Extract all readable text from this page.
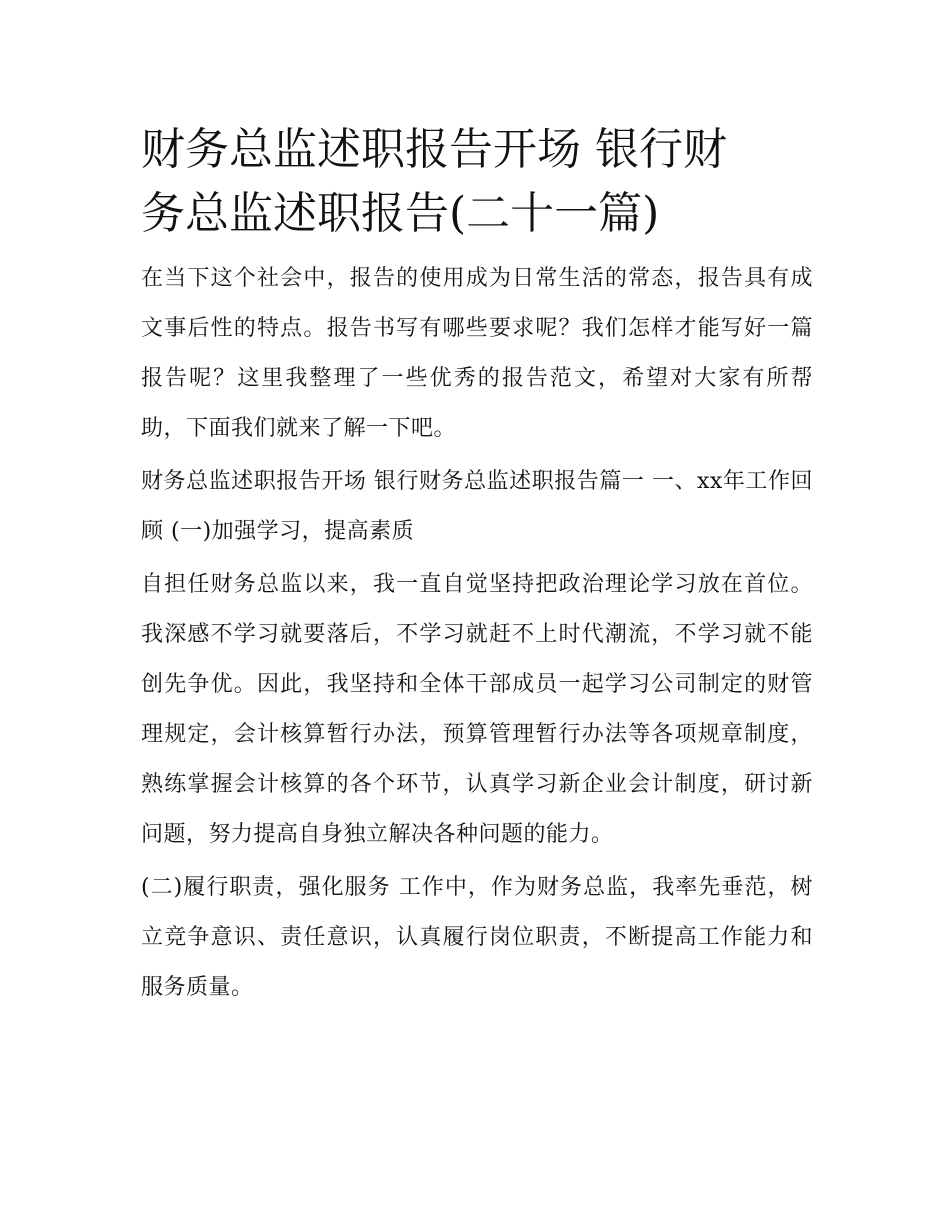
财务总监述职报告开场 银行财
务总监述职报告(二十一篇)

在当下这个社会中，报告的使用成为日常生活的常态，报告具有成文事后性的特点。报告书写有哪些要求呢？我们怎样才能写好一篇报告呢？这里我整理了一些优秀的报告范文，希望对大家有所帮助，下面我们就来了解一下吧。

财务总监述职报告开场 银行财务总监述职报告篇一 一、xx年工作回顾 (一)加强学习，提高素质

自担任财务总监以来，我一直自觉坚持把政治理论学习放在首位。我深感不学习就要落后，不学习就赶不上时代潮流，不学习就不能创先争优。因此，我坚持和全体干部成员一起学习公司制定的财管理规定，会计核算暂行办法，预算管理暂行办法等各项规章制度，熟练掌握会计核算的各个环节，认真学习新企业会计制度，研讨新问题，努力提高自身独立解决各种问题的能力。

(二)履行职责，强化服务 工作中，作为财务总监，我率先垂范，树立竞争意识、责任意识，认真履行岗位职责，不断提高工作能力和服务质量。
